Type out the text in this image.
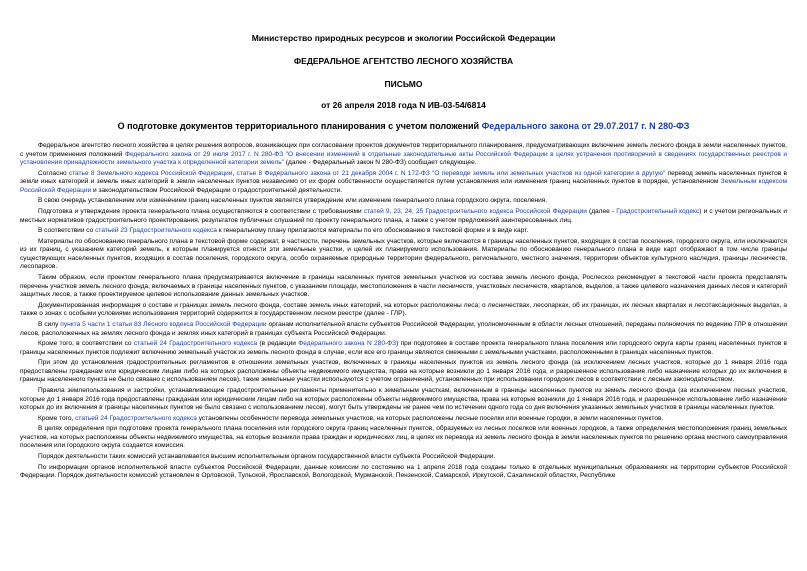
Министерство природных ресурсов и экологии Российской Федерации
ФЕДЕРАЛЬНОЕ АГЕНТСТВО ЛЕСНОГО ХОЗЯЙСТВА
ПИСЬМО
от 26 апреля 2018 года N ИВ-03-54/6814
О подготовке документов территориального планирования с учетом положений Федерального закона от 29.07.2017 г. N 280-ФЗ

Федеральное агентство лесного хозяйства в целях решения вопросов, возникающих при согласовании проектов документов территориального планирования, предусматривающих включение земель лесного фонда в земли населенных пунктов, с учетом применения положений Федерального закона от 29 июля 2017 г. N 280-ФЗ "О внесении изменений в отдельные законодательные акты Российской Федерации в целях устранения противоречий в сведениях государственных реестров и установления принадлежности земельного участка к определенной категории земель" (далее - Федеральный закон N 280-ФЗ) сообщает следующее.

Согласно статье 8 Земельного кодекса Российской Федерации, статье 8 Федерального закона от 21 декабря 2004 г. N 172-ФЗ "О переводе земель или земельных участков из одной категории в другую" перевод земель населенных пунктов в земли иных категорий и земель иных категорий в земли населенных пунктов независимо от их форм собственности осуществляется путем установления или изменения границ населенных пунктов в порядке, установленном Земельным кодексом Российской Федерации и законодательством Российской Федерации о градостроительной деятельности.

В свою очередь установлением или изменением границ населенных пунктов является утверждение или изменение генерального плана городского округа, поселения.

Подготовка и утверждение проекта генерального плана осуществляются в соответствии с требованиями статей 9, 23, 24, 25 Градостроительного кодекса Российской Федерации (далее - Градостроительный кодекс) и с учетом региональных и местных нормативов градостроительного проектирования, результатов публичных слушаний по проекту генерального плана, а также с учетом предложений заинтересованных лиц.

В соответствии со статьей 23 Градостроительного кодекса к генеральному плану прилагаются материалы по его обоснованию в текстовой форме и в виде карт.

Материалы по обоснованию генерального плана в текстовой форме содержат, в частности, перечень земельных участков, которые включаются в границы населенных пунктов, входящих в состав поселения, городского округа, или исключаются из их границ, с указанием категорий земель, к которым планируется отнести эти земельные участки, и целей их планируемого использования. Материалы по обоснованию генерального плана в виде карт отображают в том числе границы существующих населенных пунктов, входящих в состав поселения, городского округа, особо охраняемые природные территории федерального, регионального, местного значения, территории объектов культурного наследия, границы лесничеств, лесопарков.

Таким образом, если проектом генерального плана предусматривается включение в границы населенных пунктов земельных участков из состава земель лесного фонда, Рослесхоз рекомендует в текстовой части проекта представлять перечень участков земель лесного фонда, включаемых в границы населенных пунктов, с указанием площади, местоположения в части лесничеств, участковых лесничеств, кварталов, выделов, а также целевого назначения данных лесов и категорий защитных лесов, а также проектируемое целевое использование данных земельных участков.

Документированная информация о составе и границах земель лесного фонда, составе земель иных категорий, на которых расположены леса; о лесничествах, лесопарках, об их границах, их лесных кварталах и лесотаксационных выделах, а также о зонах с особыми условиями использования территорий содержится в государственном лесном реестре (далее - ГЛР).

В силу пункта 5 части 1 статьи 83 Лесного кодекса Российской Федерации органам исполнительной власти субъектов Российской Федерации, уполномоченным в области лесных отношений, переданы полномочия по ведению ГЛР в отношении лесов, расположенных на землях лесного фонда и землях иных категорий в границах субъекта Российской Федерации.

Кроме того, в соответствии со статьей 24 Градостроительного кодекса (в редакции Федерального закона N 280-ФЗ) при подготовке в составе проекта генерального плана поселения или городского округа карты границ населенных пунктов в границы населенных пунктов подлежит включению земельный участок из земель лесного фонда в случае, если все его границы являются смежными с земельными участками, расположенными в границах населенных пунктов.

При этом до установления градостроительных регламентов в отношении земельных участков, включенных в границы населенных пунктов из земель лесного фонда (за исключением лесных участков, которые до 1 января 2016 года предоставлены гражданам или юридическим лицам либо на которых расположены объекты недвижимого имущества, права на которые возникли до 1 января 2016 года, и разрешенное использование либо назначение которых до их включения в границы населенного пункта не было связано с использованием лесов), такие земельные участки используются с учетом ограничений, установленных при использовании городских лесов в соответствии с лесным законодательством.

Правила землепользования и застройки, устанавливающие градостроительные регламенты применительно к земельным участкам, включенным в границы населенных пунктов из земель лесного фонда (за исключением лесных участков, которые до 1 января 2016 года предоставлены гражданам или юридическим лицам либо на которых расположены объекты недвижимого имущества, права на которые возникли до 1 января 2016 года, и разрешенное использование либо назначение которых до их включения в границы населенных пунктов не было связано с использованием лесов), могут быть утверждены не ранее чем по истечении одного года со дня включения указанных земельных участков в границы населенных пунктов.

Кроме того, статьей 24 Градостроительного кодекса установлены особенности перевода земельных участков, на которых расположены лесные поселки или военные городки, в земли населенных пунктов.

В целях определения при подготовке проекта генерального плана поселения или городского округа границ населенных пунктов, образуемых из лесных поселков или военных городков, а также определения местоположения границ земельных участков, на которых расположены объекты недвижимого имущества, на которые возникли права граждан и юридических лиц, в целях их перевода из земель лесного фонда в земли населенных пунктов по решению органа местного самоуправления поселения или городского округа создается комиссия.

Порядок деятельности таких комиссий устанавливается высшим исполнительным органом государственной власти субъекта Российской Федерации.

По информации органов исполнительной власти субъектов Российской Федерации, данные комиссии по состоянию на 1 апреля 2018 года созданы только в отдельных муниципальных образованиях на территории субъектов Российской Федерации. Порядок деятельности комиссий установлен в Орловской, Тульской, Ярославской, Вологодской, Мурманской, Пензенской, Самарской, Иркутской, Сахалинской областях, Республике
